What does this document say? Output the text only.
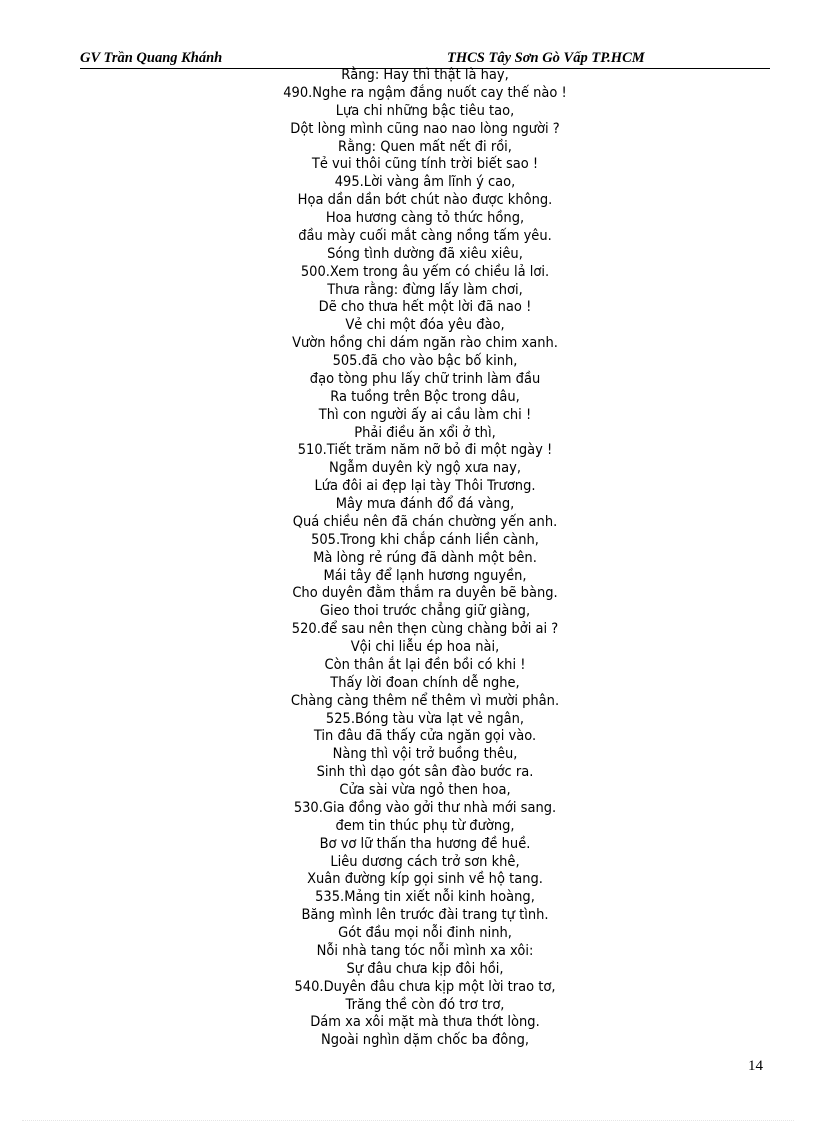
GV Trần Quang Khánh	THCS Tây Sơn Gò Vấp TP.HCM
Rằng: Hay thì thật là hay,
490.Nghe ra ngậm đắng nuốt cay thế nào !
Lựa chi những bậc tiêu tao,
Dột lòng mình cũng nao nao lòng người ?
Rằng: Quen mất nết đi rồi,
Tẻ vui thôi cũng tính trời biết sao !
495.Lời vàng âm lĩnh ý cao,
Họa dần dần bớt chút nào được không.
Hoa hương càng tỏ thức hồng,
đầu mày cuối mắt càng nồng tấm yêu.
Sóng tình dường đã xiêu xiêu,
500.Xem trong âu yếm có chiều lả lơi.
Thưa rằng: đừng lấy làm chơi,
Dẽ cho thưa hết một lời đã nao !
Vẻ chi một đóa yêu đào,
Vườn hồng chi dám ngăn rào chim xanh.
505.đã cho vào bậc bố kinh,
đạo tòng phu lấy chữ trinh làm đầu
Ra tuồng trên Bộc trong dâu,
Thì con người ấy ai cầu làm chi !
Phải điều ăn xổi ở thì,
510.Tiết trăm năm nỡ bỏ đi một ngày !
Ngẫm duyên kỳ ngộ xưa nay,
Lứa đôi ai đẹp lại tày Thôi Trương.
Mây mưa đánh đổ đá vàng,
Quá chiều nên đã chán chường yến anh.
505.Trong khi chắp cánh liền cành,
Mà lòng rẻ rúng đã dành một bên.
Mái tây để lạnh hương nguyền,
Cho duyên đằm thắm ra duyên bẽ bàng.
Gieo thoi trước chẳng giữ giàng,
520.để sau nên thẹn cùng chàng bởi ai ?
Vội chi liễu ép hoa nài,
Còn thân ắt lại đền bồi có khi !
Thấy lời đoan chính dễ nghe,
Chàng càng thêm nể thêm vì mười phân.
525.Bóng tàu vừa lạt vẻ ngân,
Tin đâu đã thấy cửa ngăn gọi vào.
Nàng thì vội trở buồng thêu,
Sinh thì dạo gót sân đào bước ra.
Cửa sài vừa ngỏ then hoa,
530.Gia đồng vào gởi thư nhà mới sang.
đem tin thúc phụ từ đường,
Bơ vơ lữ thấn tha hương đề huề.
Liêu dương cách trở sơn khê,
Xuân đường kíp gọi sinh về hộ tang.
535.Mảng tin xiết nỗi kinh hoàng,
Băng mình lên trước đài trang tự tình.
Gót đầu mọi nỗi đinh ninh,
Nỗi nhà tang tóc nỗi mình xa xôi:
Sự đâu chưa kịp đôi hồi,
540.Duyên đâu chưa kịp một lời trao tơ,
Trăng thề còn đó trơ trơ,
Dám xa xôi mặt mà thưa thớt lòng.
Ngoài nghìn dặm chốc ba đông,
14
